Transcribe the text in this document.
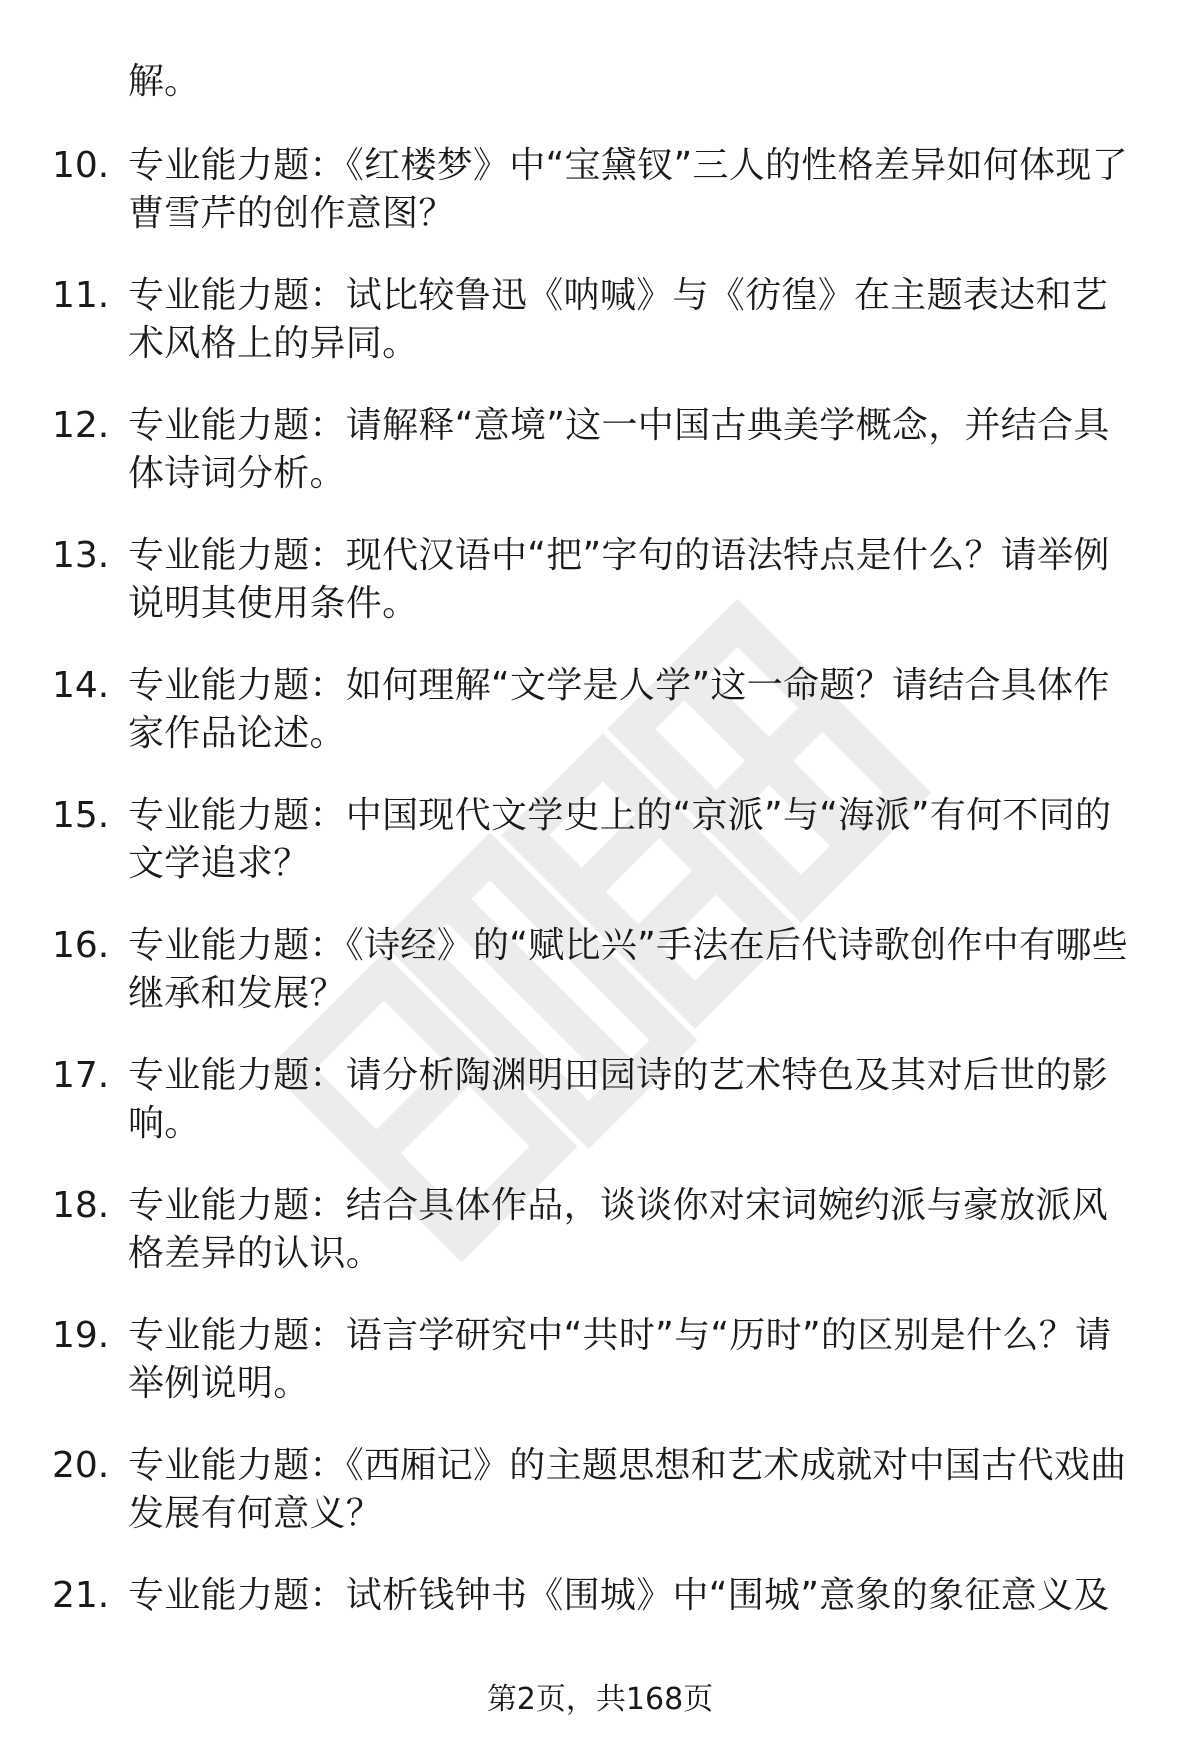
解。

10. 专业能力题：《红楼梦》中“宝黛钗”三人的性格差异如何体现了曹雪芹的创作意图？
11. 专业能力题：试比较鲁迅《呐喊》与《彷徨》在主题表达和艺术风格上的异同。
12. 专业能力题：请解释“意境”这一中国古典美学概念，并结合具体诗词分析。
13. 专业能力题：现代汉语中“把”字句的语法特点是什么？请举例说明其使用条件。
14. 专业能力题：如何理解“文学是人学”这一命题？请结合具体作家作品论述。
15. 专业能力题：中国现代文学史上的“京派”与“海派”有何不同的文学追求？
16. 专业能力题：《诗经》的“赋比兴”手法在后代诗歌创作中有哪些继承和发展？
17. 专业能力题：请分析陶渊明田园诗的艺术特色及其对后世的影响。
18. 专业能力题：结合具体作品，谈谈你对宋词婉约派与豪放派风格差异的认识。
19. 专业能力题：语言学研究中“共时”与“历时”的区别是什么？请举例说明。
20. 专业能力题：《西厢记》的主题思想和艺术成就对中国古代戏曲发展有何意义？
21. 专业能力题：试析钱钟书《围城》中“围城”意象的象征意义及
第2页，共168页
